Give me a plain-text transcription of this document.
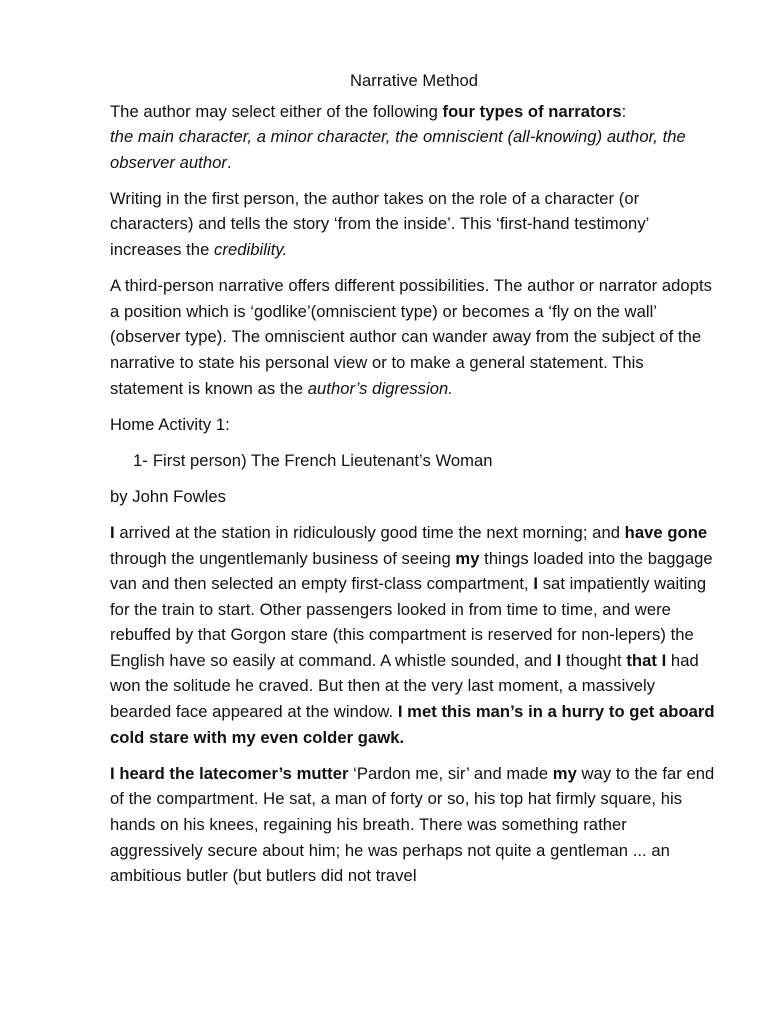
Narrative Method

The author may select either of the following four types of narrators:
the main character, a minor character, the omniscient (all-knowing) author, the observer author.

Writing in the first person, the author takes on the role of a character (or characters) and tells the story ‘from the inside’. This ‘first-hand testimony’ increases the credibility.

A third-person narrative offers different possibilities. The author or narrator adopts a position which is ‘godlike’(omniscient type) or becomes a ‘fly on the wall’ (observer type). The omniscient author can wander away from the subject of the narrative to state his personal view or to make a general statement. This statement is known as the author’s digression.

Home Activity 1:

1- First person) The French Lieutenant’s Woman

by John Fowles

I arrived at the station in ridiculously good time the next morning; and have gone through the ungentlemanly business of seeing my things loaded into the baggage van and then selected an empty first-class compartment, I sat impatiently waiting for the train to start. Other passengers looked in from time to time, and were rebuffed by that Gorgon stare (this compartment is reserved for non-lepers) the English have so easily at command. A whistle sounded, and I thought that I had won the solitude he craved. But then at the very last moment, a massively bearded face appeared at the window. I met this man’s in a hurry to get aboard cold stare with my even colder gawk.

I heard the latecomer’s mutter ‘Pardon me, sir’ and made my way to the far end of the compartment. He sat, a man of forty or so, his top hat firmly square, his hands on his knees, regaining his breath. There was something rather aggressively secure about him; he was perhaps not quite a gentleman ... an ambitious butler (but butlers did not travel
